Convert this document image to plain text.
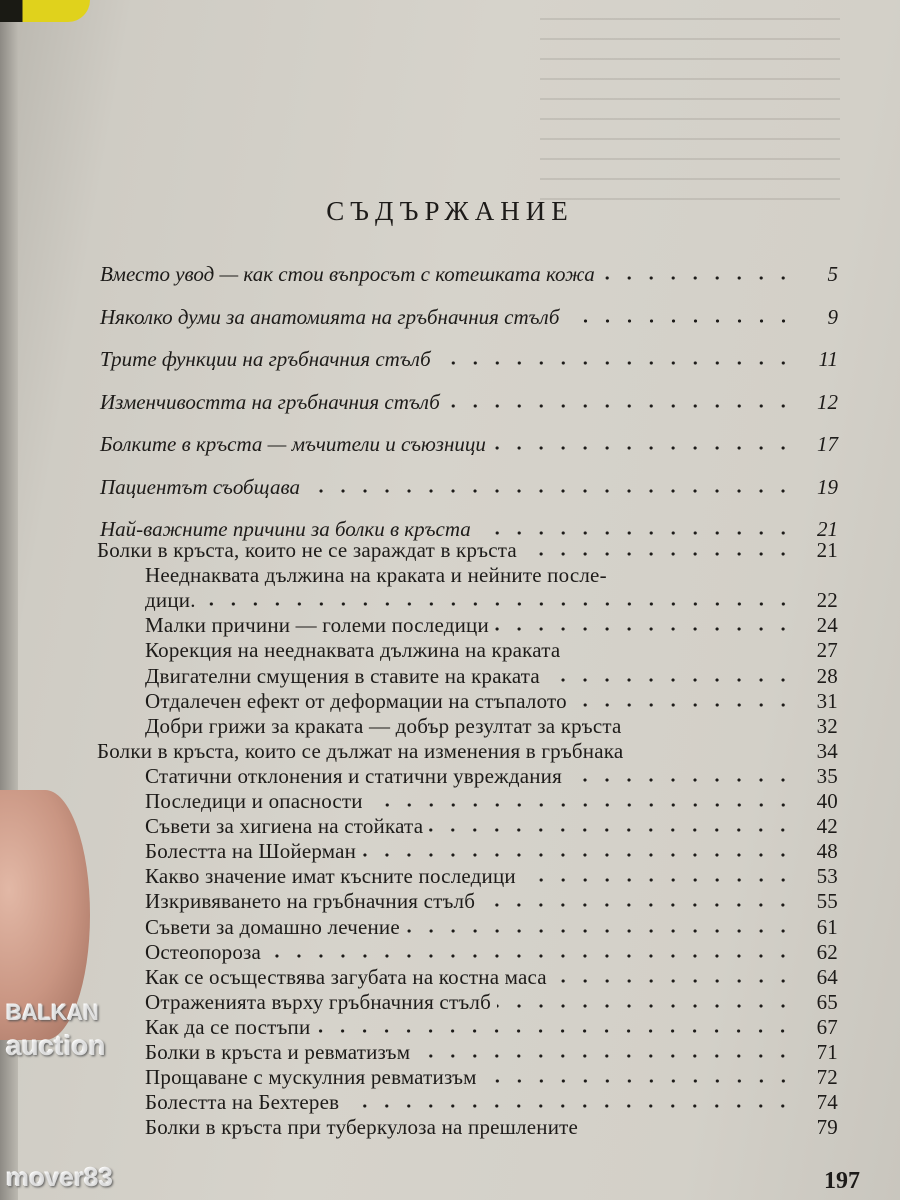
СЪДЪРЖАНИЕ
Вместо увод — как стои въпросът с котешката кожа	5
Няколко думи за анатомията на гръбначния стълб	9
Трите функции на гръбначния стълб	11
Изменчивостта на гръбначния стълб	12
Болките в кръста — мъчители и съюзници	17
Пациентът съобщава	19
Най-важните причини за болки в кръста	21
Болки в кръста, които не се зараждат в кръста	21
Нееднаквата дължина на краката и нейните после-
дици.	22
Малки причини — големи последици	24
Корекция на нееднаквата дължина на краката	27
Двигателни смущения в ставите на краката	28
Отдалечен ефект от деформации на стъпалото	31
Добри грижи за краката — добър резултат за кръста	32
Болки в кръста, които се дължат на изменения в гръбнака	34
Статични отклонения и статични увреждания	35
Последици и опасности	40
Съвети за хигиена на стойката	42
Болестта на Шойерман	48
Какво значение имат късните последици	53
Изкривяването на гръбначния стълб	55
Съвети за домашно лечение	61
Остеопороза	62
Как се осъществява загубата на костна маса	64
Отраженията върху гръбначния стълб	65
Как да се постъпи	67
Болки в кръста и ревматизъм	71
Прощаване с мускулния ревматизъм	72
Болестта на Бехтерев	74
Болки в кръста при туберкулоза на прешлените	79
197
BALKAN
auction
mover83
